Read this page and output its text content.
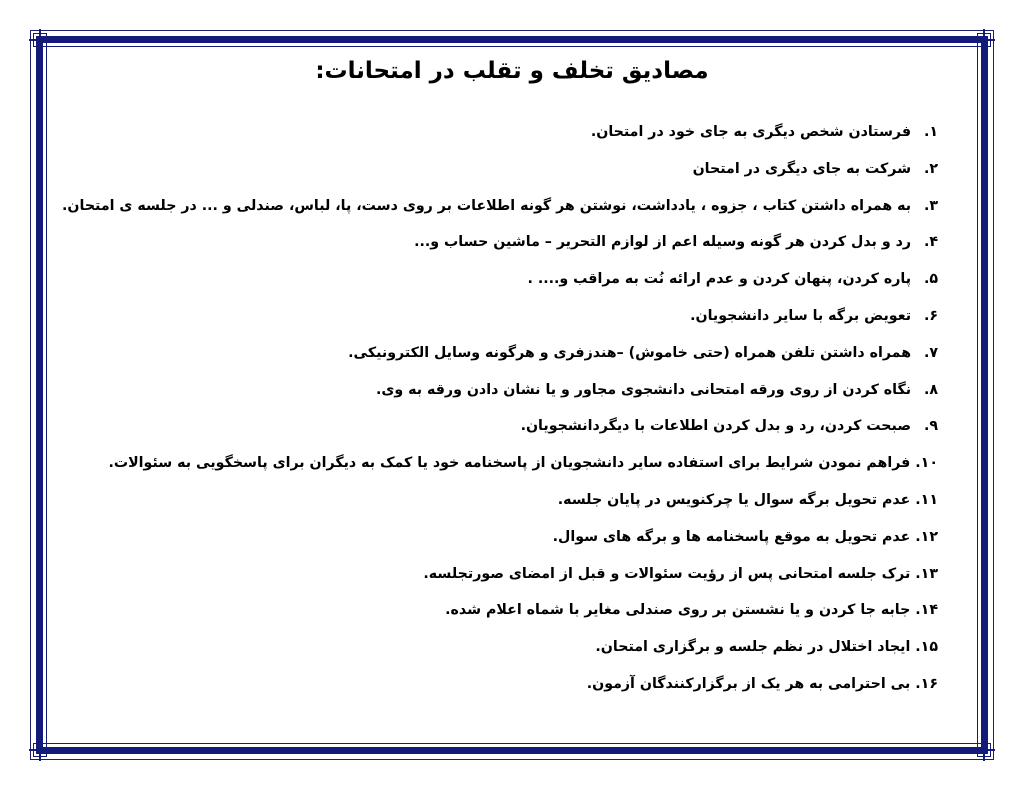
مصادیق تخلف و تقلب در امتحانات:
۱. فرستادن شخص دیگری به جای خود در امتحان.
۲. شرکت به جای دیگری در امتحان
۳. به همراه داشتن کتاب ، جزوه ، یادداشت، نوشتن هر گونه اطلاعات بر روی دست، پا، لباس، صندلی و ... در جلسه ی امتحان.
۴. رد و بدل کردن هر گونه وسیله اعم از لوازم التحریر – ماشین حساب و...
۵. پاره کردن، پنهان کردن و عدم ارائه نُت به مراقب و.... .
۶. تعویض برگه با سایر دانشجویان.
۷. همراه داشتن تلفن همراه (حتی خاموش) –هندزفری و هرگونه وسایل الکترونیکی.
۸. نگاه کردن از روی ورقه امتحانی دانشجوی مجاور و یا نشان دادن ورقه به وی.
۹. صبحت کردن، رد و بدل کردن اطلاعات با دیگردانشجویان.
۱۰. فراهم نمودن شرایط برای استفاده سایر دانشجویان از پاسخنامه خود یا کمک به دیگران برای پاسخگویی به سئوالات.
۱۱. عدم تحویل برگه سوال یا چرکنویس در پایان جلسه.
۱۲. عدم تحویل به موقع پاسخنامه ها و برگه های سوال.
۱۳. ترک جلسه امتحانی پس از رؤیت سئوالات و قبل از امضای صورتجلسه.
۱۴. جابه جا کردن و یا نشستن بر روی صندلی مغایر با شماه اعلام شده.
۱۵. ایجاد اختلال در نظم جلسه و برگزاری امتحان.
۱۶. بی احترامی به هر یک از برگزارکنندگان آزمون.
